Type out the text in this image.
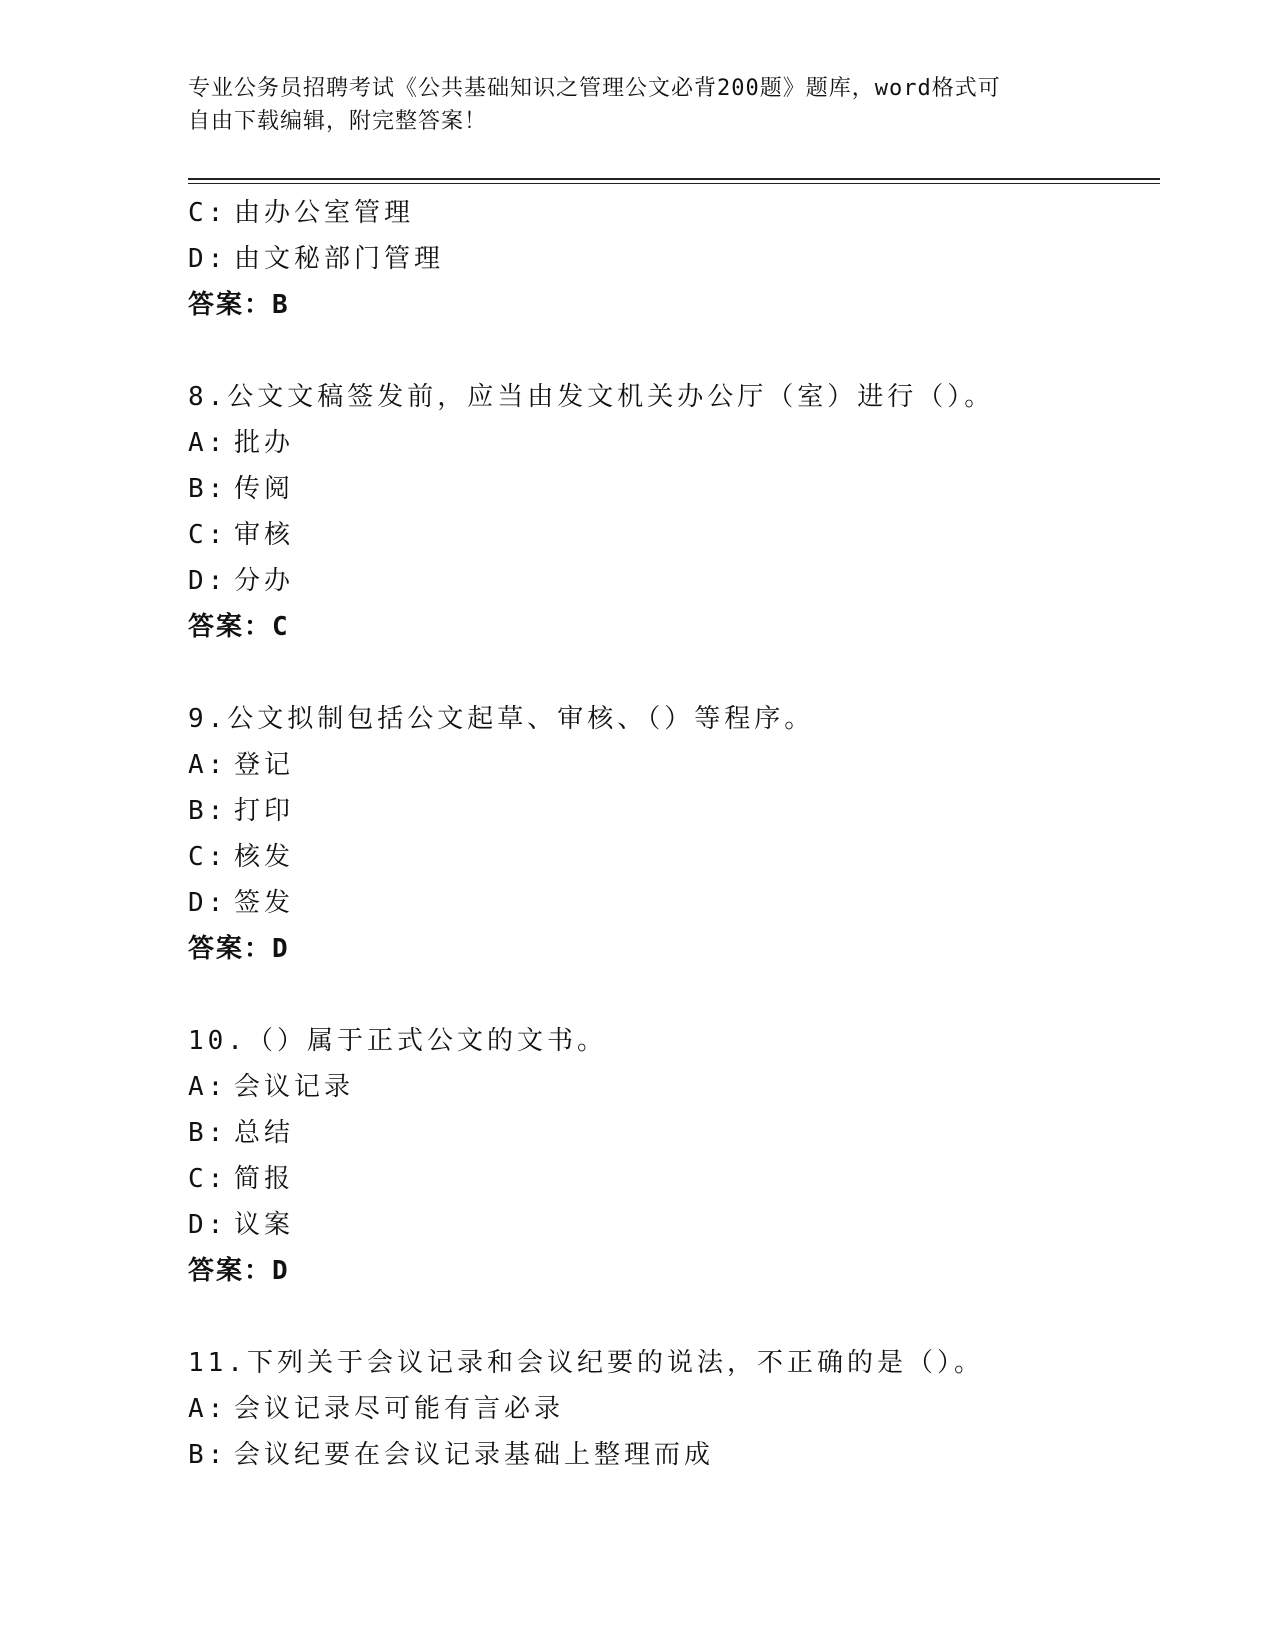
专业公务员招聘考试《公共基础知识之管理公文必背200题》题库，word格式可
自由下载编辑，附完整答案！
C: 由办公室管理
D: 由文秘部门管理
答案：B
8.公文文稿签发前，应当由发文机关办公厅（室）进行（）。
A: 批办
B: 传阅
C: 审核
D: 分办
答案：C
9.公文拟制包括公文起草、审核、（）等程序。
A: 登记
B: 打印
C: 核发
D: 签发
答案：D
10.（）属于正式公文的文书。
A: 会议记录
B: 总结
C: 简报
D: 议案
答案：D
11.下列关于会议记录和会议纪要的说法，不正确的是（）。
A: 会议记录尽可能有言必录
B: 会议纪要在会议记录基础上整理而成
